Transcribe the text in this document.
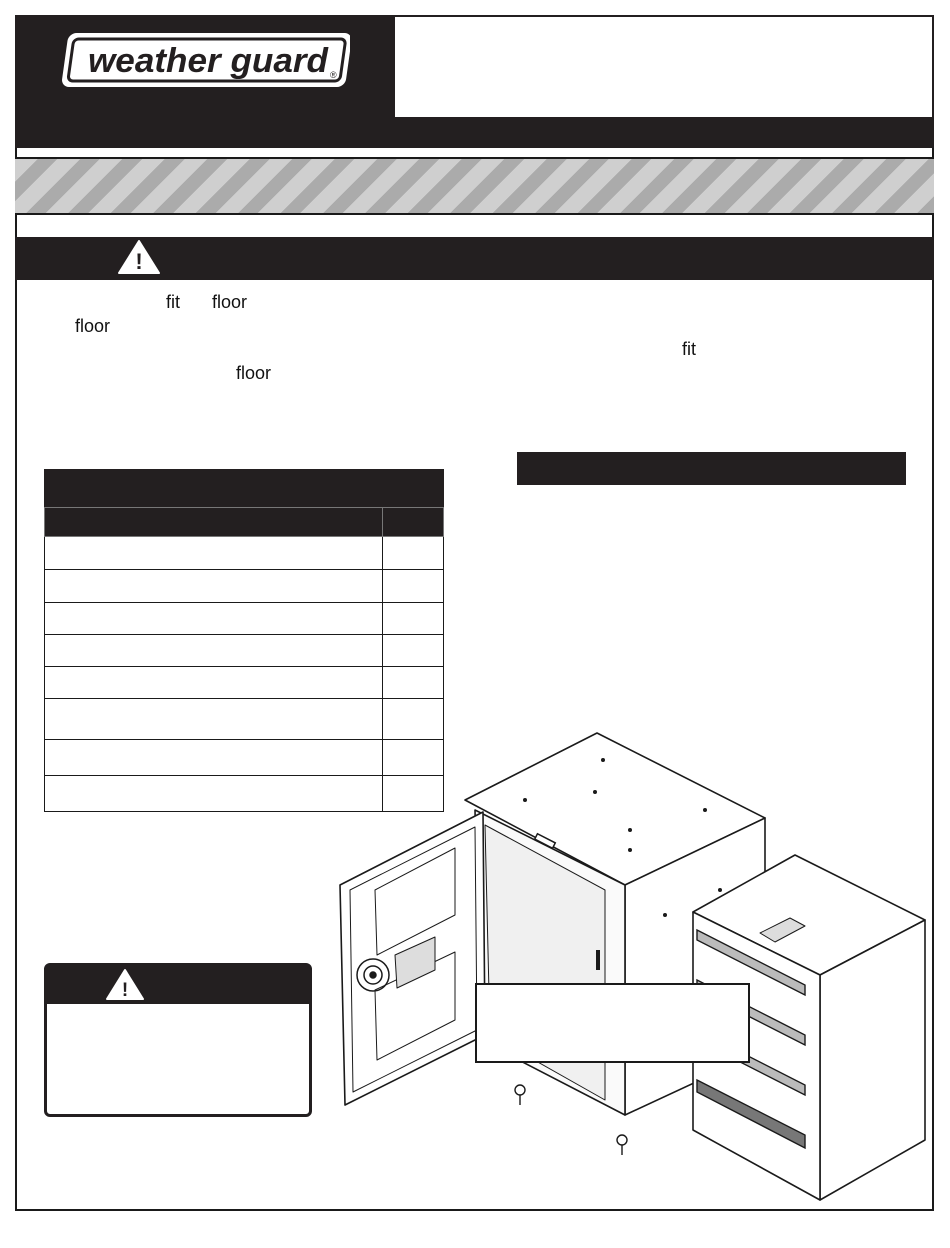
weather guard ®
!
fit floor
floor
fit
floor

!
